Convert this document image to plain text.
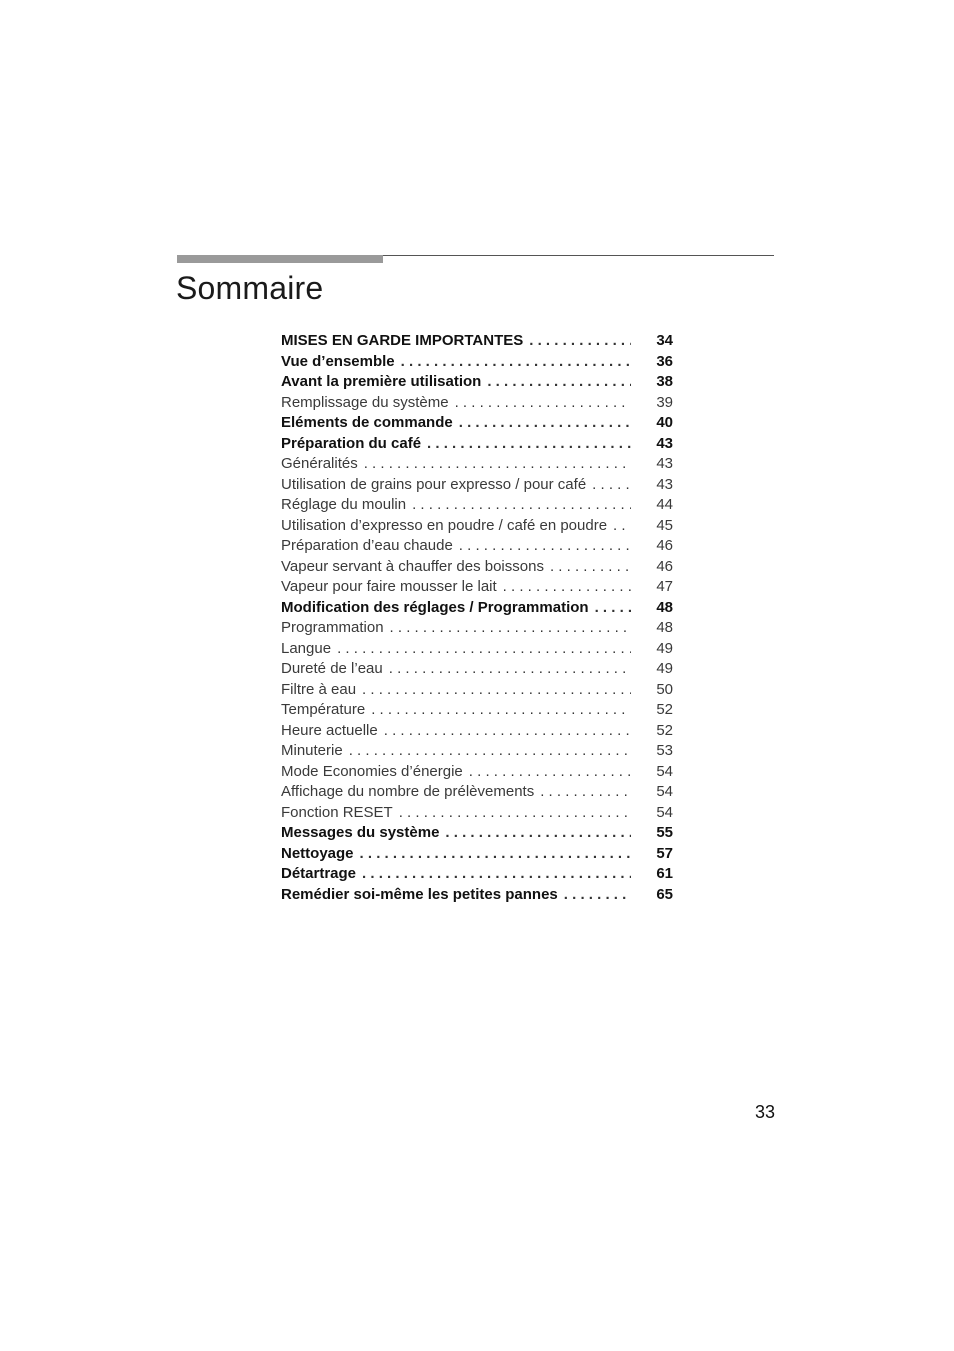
Sommaire
MISES EN GARDE IMPORTANTES . . .	34
Vue d’ensemble . . .	36
Avant la première utilisation . . .	38
Remplissage du système . . .	39
Eléments de commande . . .	40
Préparation du café . . .	43
Généralités . . .	43
Utilisation de grains pour expresso / pour café . . .	43
Réglage du moulin . . .	44
Utilisation d’expresso en poudre / café en poudre . . .	45
Préparation d’eau chaude . . .	46
Vapeur servant à chauffer des boissons . . .	46
Vapeur pour faire mousser le lait . . .	47
Modification des réglages / Programmation . . .	48
Programmation . . .	48
Langue . . .	49
Dureté de l’eau . . .	49
Filtre à eau . . .	50
Température . . .	52
Heure actuelle . . .	52
Minuterie . . .	53
Mode Economies d’énergie . . .	54
Affichage du nombre de prélèvements . . .	54
Fonction RESET . . .	54
Messages du système . . .	55
Nettoyage . . .	57
Détartrage . . .	61
Remédier soi-même les petites pannes . . .	65
33
